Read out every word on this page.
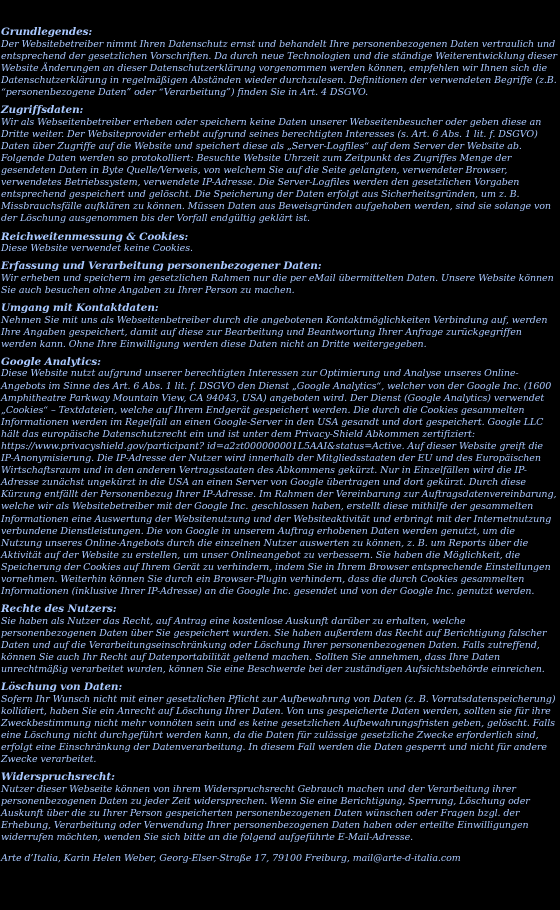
Grundlegendes:

Der Websitebetreiber nimmt Ihren Datenschutz ernst und behandelt Ihre personenbezogenen Daten vertraulich und entsprechend der gesetzlichen Vorschriften. Da durch neue Technologien und die ständige Weiterentwicklung dieser Website Änderungen an dieser Datenschutzerklärung vorgenommen werden können, empfehlen wir Ihnen sich die Datenschutzerklärung in regelmäßigen Abständen wieder durchzulesen. Definitionen der verwendeten Begriffe (z.B. “personenbezogene Daten” oder “Verarbeitung”) finden Sie in Art. 4 DSGVO.

Zugriffsdaten:

Wir als Webseitenbetreiber erheben oder speichern keine Daten unserer Webseitenbesucher oder geben diese an Dritte weiter. Der Websiteprovider erhebt aufgrund seines berechtigten Interesses (s. Art. 6 Abs. 1 lit. f. DSGVO) Daten über Zugriffe auf die Website und speichert diese als „Server-Logfiles“ auf dem Server der Website ab. Folgende Daten werden so protokolliert: Besuchte Website Uhrzeit zum Zeitpunkt des Zugriffes Menge der gesendeten Daten in Byte Quelle/Verweis, von welchem Sie auf die Seite gelangten, verwendeter Browser, verwendetes Betriebssystem, verwendete IP-Adresse. Die Server-Logfiles werden den gesetzlichen Vorgaben entsprechend gespeichert und gelöscht. Die Speicherung der Daten erfolgt aus Sicherheitsgründen, um z. B. Missbrauchsfälle aufklären zu können. Müssen Daten aus Beweisgründen aufgehoben werden, sind sie solange von der Löschung ausgenommen bis der Vorfall endgültig geklärt ist.

Reichweitenmessung & Cookies:

Diese Website verwendet keine Cookies.

Erfassung und Verarbeitung personenbezogener Daten:

Wir erheben und speichern im gesetzlichen Rahmen nur die per eMail übermittelten Daten. Unsere Website können Sie auch besuchen ohne Angaben zu Ihrer Person zu machen.

Umgang mit Kontaktdaten:

Nehmen Sie mit uns als Webseitenbetreiber durch die angebotenen Kontaktmöglichkeiten Verbindung auf, werden Ihre Angaben gespeichert, damit auf diese zur Bearbeitung und Beantwortung Ihrer Anfrage zurückgegriffen werden kann. Ohne Ihre Einwilligung werden diese Daten nicht an Dritte weitergegeben.

Google Analytics:

Diese Website nutzt aufgrund unserer berechtigten Interessen zur Optimierung und Analyse unseres Online-Angebots im Sinne des Art. 6 Abs. 1 lit. f. DSGVO den Dienst „Google Analytics“, welcher von der Google Inc. (1600 Amphitheatre Parkway Mountain View, CA 94043, USA) angeboten wird. Der Dienst (Google Analytics) verwendet „Cookies“ – Textdateien, welche auf Ihrem Endgerät gespeichert werden. Die durch die Cookies gesammelten Informationen werden im Regelfall an einen Google-Server in den USA gesandt und dort gespeichert. Google LLC hält das europäische Datenschutzrecht ein und ist unter dem Privacy-Shield Abkommen zertifiziert: https://www.privacyshield.gov/participant? id=a2zt000000001L5AAI&status=Active. Auf dieser Website greift die IP-Anonymisierung. Die IP-Adresse der Nutzer wird innerhalb der Mitgliedsstaaten der EU und des Europäischen Wirtschaftsraum und in den anderen Vertragsstaaten des Abkommens gekürzt. Nur in Einzelfällen wird die IP-Adresse zunächst ungekürzt in die USA an einen Server von Google übertragen und dort gekürzt. Durch diese Kürzung entfällt der Personenbezug Ihrer IP-Adresse. Im Rahmen der Vereinbarung zur Auftragsdatenvereinbarung, welche wir als Websitebetreiber mit der Google Inc. geschlossen haben, erstellt diese mithilfe der gesammelten Informationen eine Auswertung der Websitenutzung und der Websiteaktivität und erbringt mit der Internetnutzung verbundene Dienstleistungen. Die von Google in unserem Auftrag erhobenen Daten werden genutzt, um die Nutzung unseres Online-Angebots durch die einzelnen Nutzer auswerten zu können, z. B. um Reports über die Aktivität auf der Website zu erstellen, um unser Onlineangebot zu verbessern. Sie haben die Möglichkeit, die Speicherung der Cookies auf Ihrem Gerät zu verhindern, indem Sie in Ihrem Browser entsprechende Einstellungen vornehmen. Weiterhin können Sie durch ein Browser-Plugin verhindern, dass die durch Cookies gesammelten Informationen (inklusive Ihrer IP-Adresse) an die Google Inc. gesendet und von der Google Inc. genutzt werden.

Rechte des Nutzers:

Sie haben als Nutzer das Recht, auf Antrag eine kostenlose Auskunft darüber zu erhalten, welche personenbezogenen Daten über Sie gespeichert wurden. Sie haben außerdem das Recht auf Berichtigung falscher Daten und auf die Verarbeitungseinschränkung oder Löschung Ihrer personenbezogenen Daten. Falls zutreffend, können Sie auch Ihr Recht auf Datenportabilität geltend machen. Sollten Sie annehmen, dass Ihre Daten unrechtmäßig verarbeitet wurden, können Sie eine Beschwerde bei der zuständigen Aufsichtsbehörde einreichen.

Löschung von Daten:

Sofern Ihr Wunsch nicht mit einer gesetzlichen Pflicht zur Aufbewahrung von Daten (z. B. Vorratsdatenspeicherung) kollidiert, haben Sie ein Anrecht auf Löschung Ihrer Daten. Von uns gespeicherte Daten werden, sollten sie für ihre Zweckbestimmung nicht mehr vonnöten sein und es keine gesetzlichen Aufbewahrungsfristen geben, gelöscht. Falls eine Löschung nicht durchgeführt werden kann, da die Daten für zulässige gesetzliche Zwecke erforderlich sind, erfolgt eine Einschränkung der Datenverarbeitung. In diesem Fall werden die Daten gesperrt und nicht für andere Zwecke verarbeitet.

Widerspruchsrecht:

Nutzer dieser Webseite können von ihrem Widerspruchsrecht Gebrauch machen und der Verarbeitung ihrer personenbezogenen Daten zu jeder Zeit widersprechen. Wenn Sie eine Berichtigung, Sperrung, Löschung oder Auskunft über die zu Ihrer Person gespeicherten personenbezogenen Daten wünschen oder Fragen bzgl. der Erhebung, Verarbeitung oder Verwendung Ihrer personenbezogenen Daten haben oder erteilte Einwilligungen widerrufen möchten, wenden Sie sich bitte an die folgend aufgeführte E-Mail-Adresse.

Arte d’Italia, Karin Helen Weber, Georg-Elser-Straße 17, 79100 Freiburg, mail@arte-d-italia.com
